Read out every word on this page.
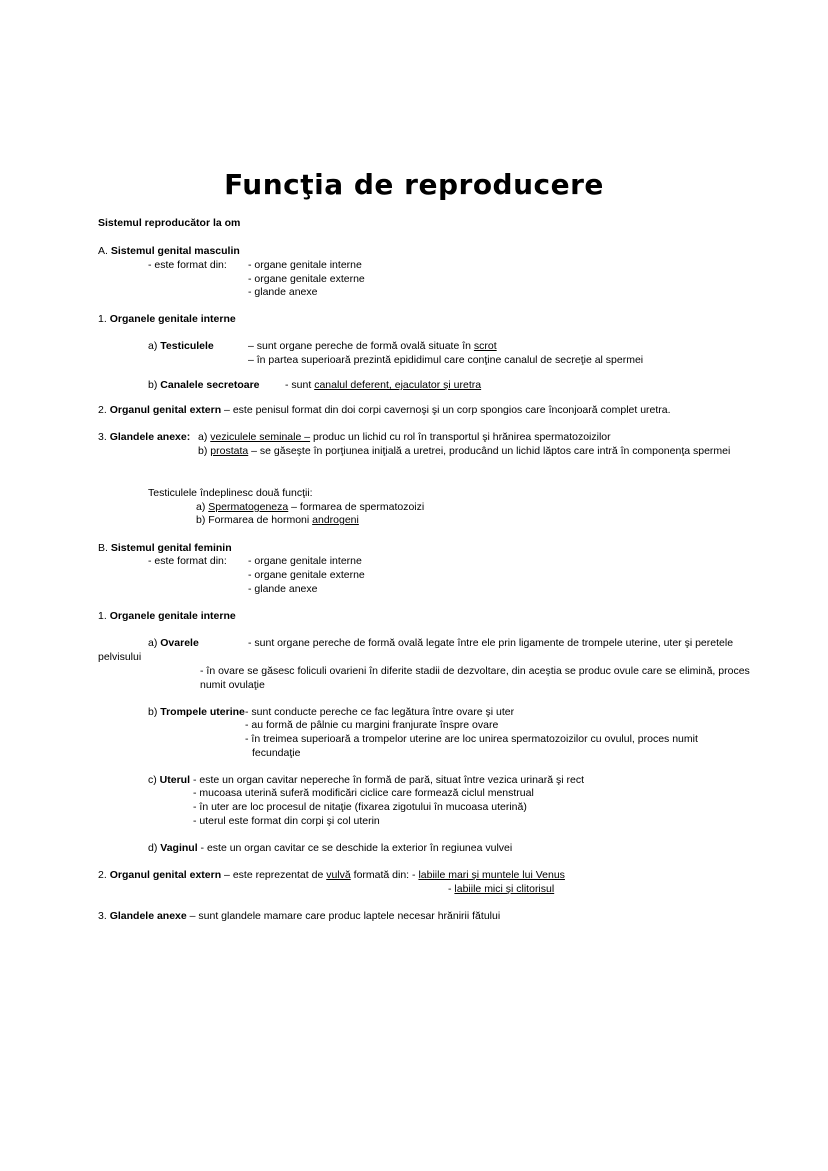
Funcţia de reproducere
Sistemul reproducător la om
A. Sistemul genital masculin
- este format din: - organe genitale interne
- organe genitale externe
- glande anexe
1. Organele genitale interne
a) Testiculele	– sunt organe pereche de formă ovală situate în scrot
– în partea superioară prezintă epididimul care conţine canalul de secreţie al spermei
b) Canalele secretoare - sunt canalul deferent, ejaculator şi uretra
2. Organul genital extern – este penisul format din doi corpi cavernoşi şi un corp spongios care înconjoară complet uretra.
3. Glandele anexe: a) veziculele seminale – produc un lichid cu rol în transportul şi hrănirea spermatozoizilor
b) prostata – se găseşte în porţiunea iniţială a uretrei, producând un lichid lăptos care intră în componenţa spermei
Testiculele îndeplinesc două funcţii:
a) Spermatogeneza – formarea de spermatozoizi
b) Formarea de hormoni androgeni
B. Sistemul genital feminin
- este format din: - organe genitale interne
- organe genitale externe
- glande anexe
1. Organele genitale interne
a) Ovarele	- sunt organe pereche de formă ovală legate între ele prin ligamente de trompele uterine, uter şi peretele
pelvisului
- în ovare se găsesc foliculi ovarieni în diferite stadii de dezvoltare, din aceştia se produc ovule care se elimină, proces
numit ovulaţie
b) Trompele uterine - sunt conducte pereche ce fac legătura între ovare şi uter
- au formă de pâlnie cu margini franjurate înspre ovare
- în treimea superioară a trompelor uterine are loc unirea spermatozoizilor cu ovulul, proces numit
fecundaţie
c) Uterul - este un organ cavitar nepereche în formă de pară, situat între vezica urinară şi rect
- mucoasa uterină suferă modificări ciclice care formează ciclul menstrual
- în uter are loc procesul de nitaţie (fixarea zigotului în mucoasa uterină)
- uterul este format din corpi şi col uterin
d) Vaginul - este un organ cavitar ce se deschide la exterior în regiunea vulvei
2. Organul genital extern – este reprezentat de vulvă formată din: - labiile mari şi muntele lui Venus
- labiile mici şi clitorisul
3. Glandele anexe – sunt glandele mamare care produc laptele necesar hrănirii fătului
